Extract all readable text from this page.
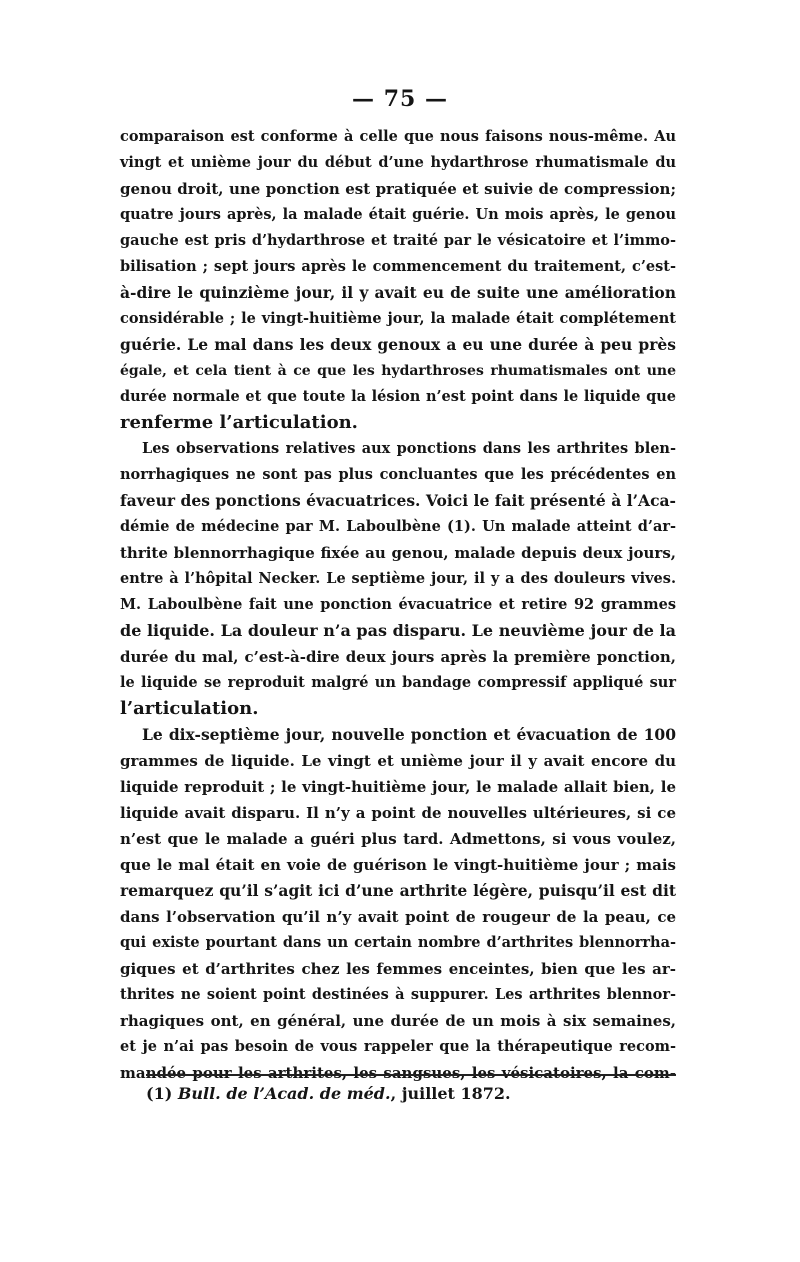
— 75 —
comparaison est conforme à celle que nous faisons nous-même. Au
vingt et unième jour du début d’une hydarthrose rhumatismale du
genou droit, une ponction est pratiquée et suivie de compression;
quatre jours après, la malade était guérie. Un mois après, le genou
gauche est pris d’hydarthrose et traité par le vésicatoire et l’immo-
bilisation ; sept jours après le commencement du traitement, c’est-
à-dire le quinzième jour, il y avait eu de suite une amélioration
considérable ; le vingt-huitième jour, la malade était complétement
guérie. Le mal dans les deux genoux a eu une durée à peu près
égale, et cela tient à ce que les hydarthroses rhumatismales ont une
durée normale et que toute la lésion n’est point dans le liquide que
renferme l’articulation.
Les observations relatives aux ponctions dans les arthrites blen-
norrhagiques ne sont pas plus concluantes que les précédentes en
faveur des ponctions évacuatrices. Voici le fait présenté à l’Aca-
démie de médecine par M. Laboulbène (1). Un malade atteint d’ar-
thrite blennorrhagique fixée au genou, malade depuis deux jours,
entre à l’hôpital Necker. Le septième jour, il y a des douleurs vives.
M. Laboulbène fait une ponction évacuatrice et retire 92 grammes
de liquide. La douleur n’a pas disparu. Le neuvième jour de la
durée du mal, c’est-à-dire deux jours après la première ponction,
le liquide se reproduit malgré un bandage compressif appliqué sur
l’articulation.
Le dix-septième jour, nouvelle ponction et évacuation de 100
grammes de liquide. Le vingt et unième jour il y avait encore du
liquide reproduit ; le vingt-huitième jour, le malade allait bien, le
liquide avait disparu. Il n’y a point de nouvelles ultérieures, si ce
n’est que le malade a guéri plus tard. Admettons, si vous voulez,
que le mal était en voie de guérison le vingt-huitième jour ; mais
remarquez qu’il s’agit ici d’une arthrite légère, puisqu’il est dit
dans l’observation qu’il n’y avait point de rougeur de la peau, ce
qui existe pourtant dans un certain nombre d’arthrites blennorrha-
giques et d’arthrites chez les femmes enceintes, bien que les ar-
thrites ne soient point destinées à suppurer. Les arthrites blennor-
rhagiques ont, en général, une durée de un mois à six semaines,
et je n’ai pas besoin de vous rappeler que la thérapeutique recom-
mandée pour les arthrites, les sangsues, les vésicatoires, la com-
(1) Bull. de l’Acad. de méd., juillet 1872.
